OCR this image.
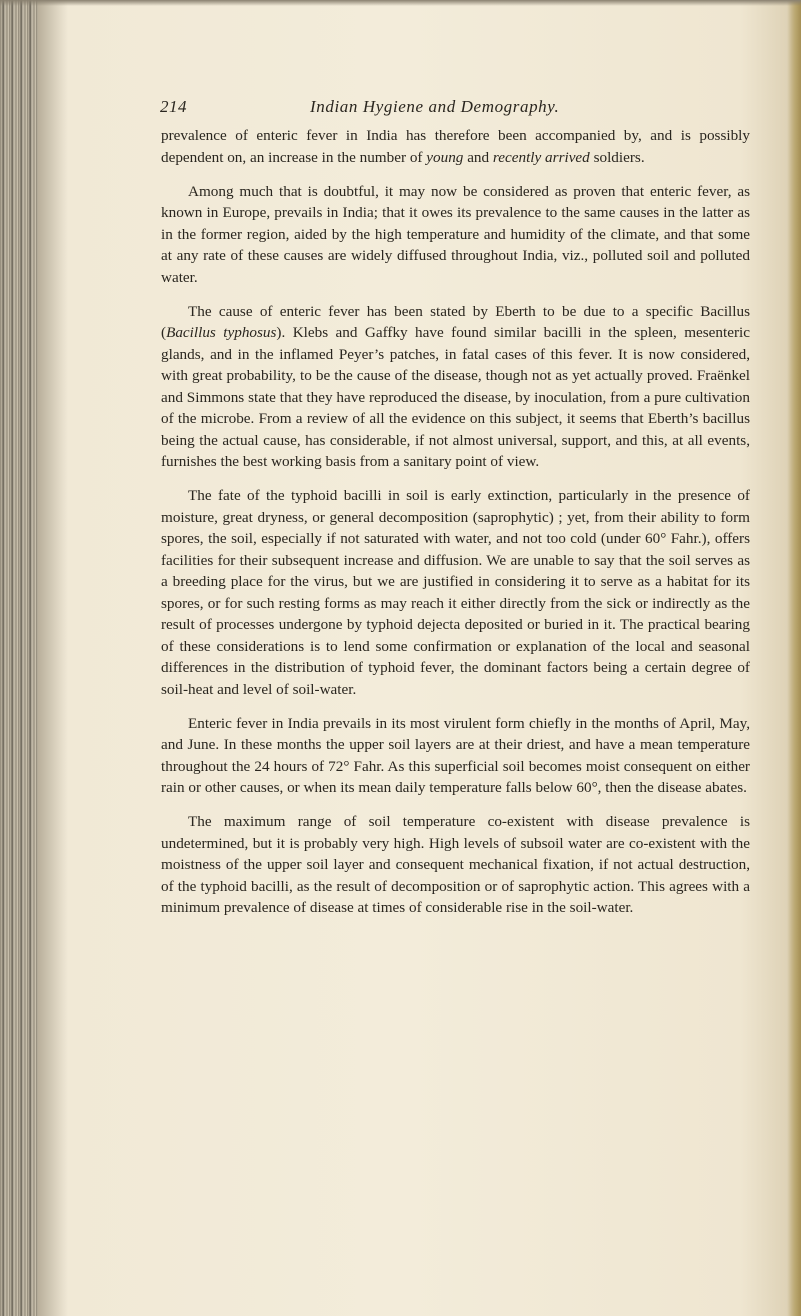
214	Indian Hygiene and Demography.

prevalence of enteric fever in India has therefore been accompanied by, and is possibly dependent on, an increase in the number of young and recently arrived soldiers.

Among much that is doubtful, it may now be considered as proven that enteric fever, as known in Europe, prevails in India; that it owes its prevalence to the same causes in the latter as in the former region, aided by the high temperature and humidity of the climate, and that some at any rate of these causes are widely diffused throughout India, viz., polluted soil and polluted water.

The cause of enteric fever has been stated by Eberth to be due to a specific Bacillus (Bacillus typhosus). Klebs and Gaffky have found similar bacilli in the spleen, mesenteric glands, and in the inflamed Peyer’s patches, in fatal cases of this fever. It is now considered, with great probability, to be the cause of the disease, though not as yet actually proved. Fraënkel and Simmons state that they have reproduced the disease, by inoculation, from a pure cultivation of the microbe. From a review of all the evidence on this subject, it seems that Eberth’s bacillus being the actual cause, has considerable, if not almost universal, support, and this, at all events, furnishes the best working basis from a sanitary point of view.

The fate of the typhoid bacilli in soil is early extinction, particularly in the presence of moisture, great dryness, or general decomposition (saprophytic) ; yet, from their ability to form spores, the soil, especially if not saturated with water, and not too cold (under 60° Fahr.), offers facilities for their subsequent increase and diffusion. We are unable to say that the soil serves as a breeding place for the virus, but we are justified in considering it to serve as a habitat for its spores, or for such resting forms as may reach it either directly from the sick or indirectly as the result of processes undergone by typhoid dejecta deposited or buried in it. The practical bearing of these considerations is to lend some confirmation or explanation of the local and seasonal differences in the distribution of typhoid fever, the dominant factors being a certain degree of soil-heat and level of soil-water.

Enteric fever in India prevails in its most virulent form chiefly in the months of April, May, and June. In these months the upper soil layers are at their driest, and have a mean temperature throughout the 24 hours of 72° Fahr. As this superficial soil becomes moist consequent on either rain or other causes, or when its mean daily temperature falls below 60°, then the disease abates.

The maximum range of soil temperature co-existent with disease prevalence is undetermined, but it is probably very high. High levels of subsoil water are co-existent with the moistness of the upper soil layer and consequent mechanical fixation, if not actual destruction, of the typhoid bacilli, as the result of decomposition or of saprophytic action. This agrees with a minimum prevalence of disease at times of considerable rise in the soil-water.
